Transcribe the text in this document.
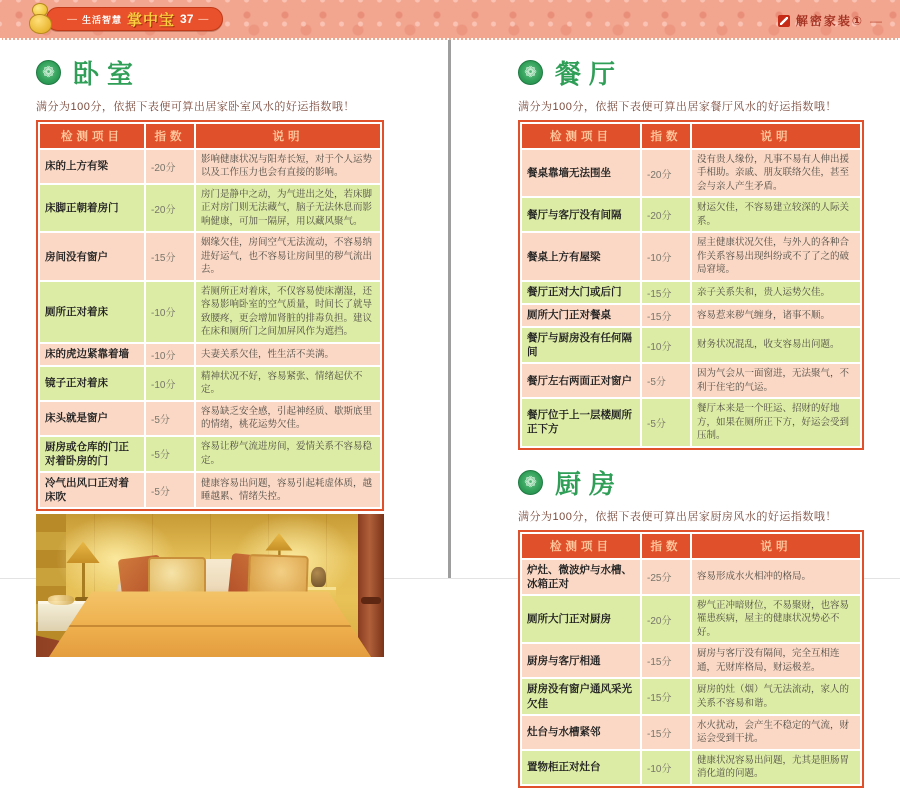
— 生活智慧 掌中宝 37 —	解密家装① —
❁ 卧室
满分为100分，依据下表便可算出居家卧室风水的好运指数哦！
检测项目	指数	说明
床的上方有梁	-20分	影响健康状况与阳寿长短，对于个人运势以及工作压力也会有直接的影响。
床脚正朝着房门	-20分	房门是静中之动，为气进出之处，若床脚正对房门则无法藏气，脑子无法休息而影响健康，可加一隔屏，用以藏风聚气。
房间没有窗户	-15分	姻缘欠佳，房间空气无法流动，不容易纳进好运气，也不容易让房间里的秽气流出去。
厕所正对着床	-10分	若厕所正对着床，不仅容易使床潮湿，还容易影响卧室的空气质量，时间长了就导致腰疼，更会增加肾脏的排毒负担。建议在床和厕所门之间加屏风作为遮挡。
床的虎边紧靠着墙	-10分	夫妻关系欠佳，性生活不美满。
镜子正对着床	-10分	精神状况不好，容易紧张、情绪起伏不定。
床头就是窗户	-5分	容易缺乏安全感，引起神经质、歇斯底里的情绪，桃花运势欠佳。
厨房或仓库的门正对着卧房的门	-5分	容易让秽气流进房间，爱情关系不容易稳定。
冷气出风口正对着床吹	-5分	健康容易出问题，容易引起耗虚体质，越睡越累、情绪失控。
❁ 餐厅
满分为100分，依据下表便可算出居家餐厅风水的好运指数哦！
检测项目	指数	说明
餐桌靠墙无法围坐	-20分	没有贵人缘份，凡事不易有人伸出援手相助。亲戚、朋友联络欠佳，甚至会与亲人产生矛盾。
餐厅与客厅没有间隔	-20分	财运欠佳，不容易建立较深的人际关系。
餐桌上方有屋梁	-10分	屋主健康状况欠佳，与外人的各种合作关系容易出现纠纷或不了了之的破局窘境。
餐厅正对大门或后门	-15分	亲子关系失和，贵人运势欠佳。
厕所大门正对餐桌	-15分	容易惹来秽气缠身，诸事不顺。
餐厅与厨房没有任何隔间	-10分	财务状况混乱，收支容易出问题。
餐厅左右两面正对窗户	-5分	因为气会从一面窗进，无法聚气，不利于住宅的气运。
餐厅位于上一层楼厕所正下方	-5分	餐厅本来是一个旺运、招财的好地方，如果在厕所正下方，好运会受到压制。
❁ 厨房
满分为100分，依据下表便可算出居家厨房风水的好运指数哦！
检测项目	指数	说明
炉灶、微波炉与水槽、冰箱正对	-25分	容易形成水火相冲的格局。
厕所大门正对厨房	-20分	秽气正冲暗财位，不易聚财，也容易罹患疾病，屋主的健康状况势必不好。
厨房与客厅相通	-15分	厨房与客厅没有隔间，完全互相连通，无财库格局，财运极差。
厨房没有窗户通风采光欠佳	-15分	厨房的灶（烟）气无法流动，家人的关系不容易和谐。
灶台与水槽紧邻	-15分	水火扰动，会产生不稳定的气流，财运会受到干扰。
置物柜正对灶台	-10分	健康状况容易出问题，尤其是胆肠胃消化道的问题。
